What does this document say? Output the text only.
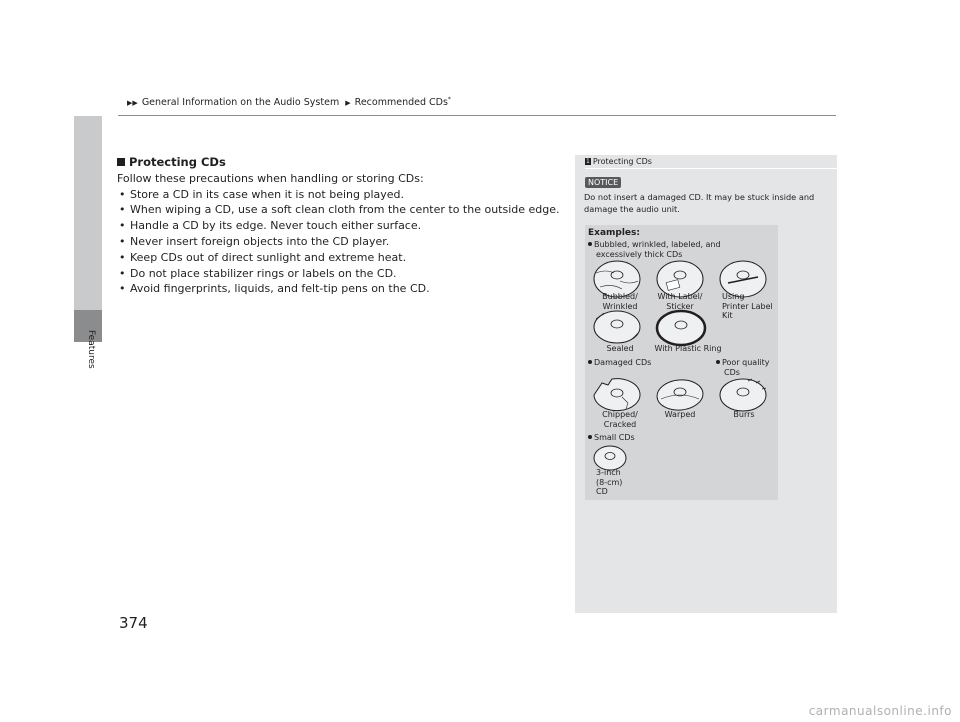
Features
▶▶ General Information on the Audio System ▶ Recommended CDs*
Protecting CDs
Follow these precautions when handling or storing CDs:
• Store a CD in its case when it is not being played.
• When wiping a CD, use a soft clean cloth from the center to the outside edge.
• Handle a CD by its edge. Never touch either surface.
• Never insert foreign objects into the CD player.
• Keep CDs out of direct sunlight and extreme heat.
• Do not place stabilizer rings or labels on the CD.
• Avoid fingerprints, liquids, and felt-tip pens on the CD.
374
1 Protecting CDs
NOTICE
Do not insert a damaged CD. It may be stuck inside and damage the audio unit.
Examples:
Bubbled, wrinkled, labeled, and
excessively thick CDs
Bubbled/
Wrinkled
With Label/
Sticker
Using
Printer Label
Kit
Sealed	With Plastic Ring
Damaged CDs	Poor quality
CDs
Chipped/
Cracked
Warped	Burrs
Small CDs
3-inch
(8-cm)
CD
carmanualsonline.info
